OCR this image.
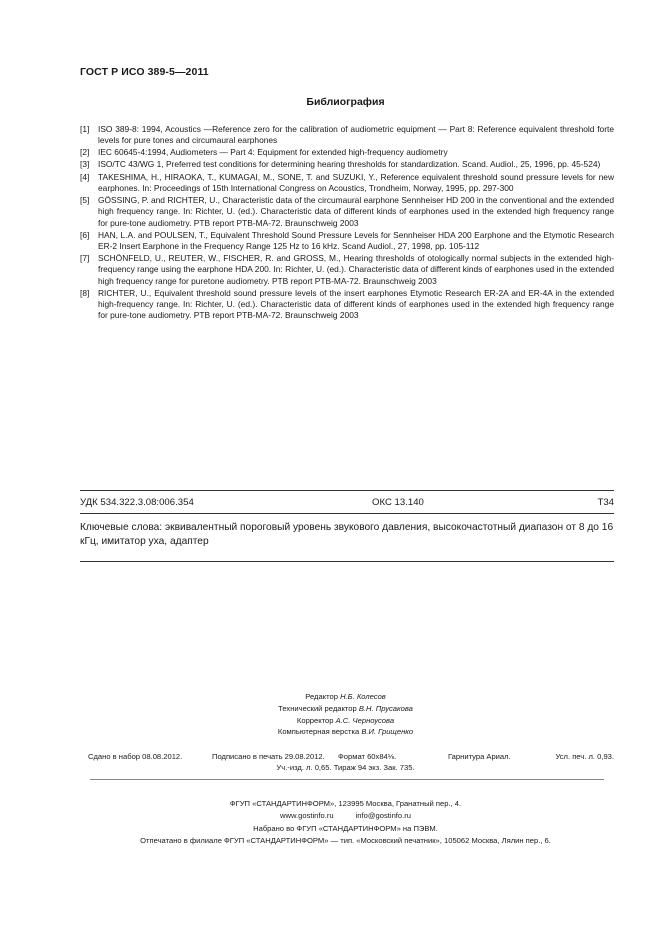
ГОСТ Р ИСО 389-5—2011
Библиография
[1]	ISO 389-8: 1994, Acoustics —Reference zero for the calibration of audiometric equipment — Part 8: Reference equivalent threshold forte levels for pure tones and circumaural earphones
[2]	IEC 60645-4:1994, Audiometers — Part 4: Equipment for extended high-frequency audiometry
[3]	ISO/TC 43/WG 1, Preferred test conditions for determining hearing thresholds for standardization. Scand. Audiol., 25, 1996, pp. 45-524)
[4]	TAKESHIMA, H., HIRAOKA, T., KUMAGAI, M., SONE, T. and SUZUKI, Y., Reference equivalent threshold sound pressure levels for new earphones. In: Proceedings of 15th International Congress on Acoustics, Trondheim, Norway, 1995, pp. 297-300
[5]	GÖSSING, P. and RICHTER, U., Characteristic data of the circumaural earphone Sennheiser HD 200 in the conventional and the extended high frequency range. In: Richter, U. (ed.). Characteristic data of different kinds of earphones used in the extended high frequency range for pure-tone audiometry. PTB report PTB-MA-72. Braunschweig 2003
[6]	HAN, L.A. and POULSEN, T., Equivalent Threshold Sound Pressure Levels for Sennheiser HDA 200 Earphone and the Etymotic Research ER-2 Insert Earphone in the Frequency Range 125 Hz to 16 kHz. Scand Audiol., 27, 1998, pp. 105-112
[7]	SCHÖNFELD, U., REUTER, W., FISCHER, R. and GROSS, M., Hearing thresholds of otologically normal subjects in the extended high-frequency range using the earphone HDA 200. In: Richter, U. (ed.). Characteristic data of different kinds of earphones used in the extended high frequency range for puretone audiometry. PTB report PTB-MA-72. Braunschweig 2003
[8]	RICHTER, U., Equivalent threshold sound pressure levels of the insert earphones Etymotic Research ER-2A and ER-4A in the extended high-frequency range. In: Richter, U. (ed.). Characteristic data of different kinds of earphones used in the extended high frequency range for pure-tone audiometry. PTB report PTB-MA-72. Braunschweig 2003
УДК 534.322.3.08:006.354	ОКС 13.140	Т34
Ключевые слова: эквивалентный пороговый уровень звукового давления, высокочастотный диапазон от 8 до 16 кГц, имитатор уха, адаптер
Редактор Н.Б. Колесов
Технический редактор В.Н. Прусакова
Корректор А.С. Черноусова
Компьютерная верстка В.И. Грищенко
Сдано в набор 08.08.2012.	Подписано в печать 29.08.2012. Формат 60х84⅛.	Гарнитура Ариал.	Усл. печ. л. 0,93.
Уч.-изд. л. 0,65. Тираж 94 экз. Зак. 735.
ФГУП «СТАНДАРТИНФОРМ», 123995 Москва, Гранатный пер., 4.
www.gostinfo.ru	info@gostinfo.ru
Набрано во ФГУП «СТАНДАРТИНФОРМ» на ПЭВМ.
Отпечатано в филиале ФГУП «СТАНДАРТИНФОРМ» — тип. «Московский печатник», 105062 Москва, Лялин пер., 6.
